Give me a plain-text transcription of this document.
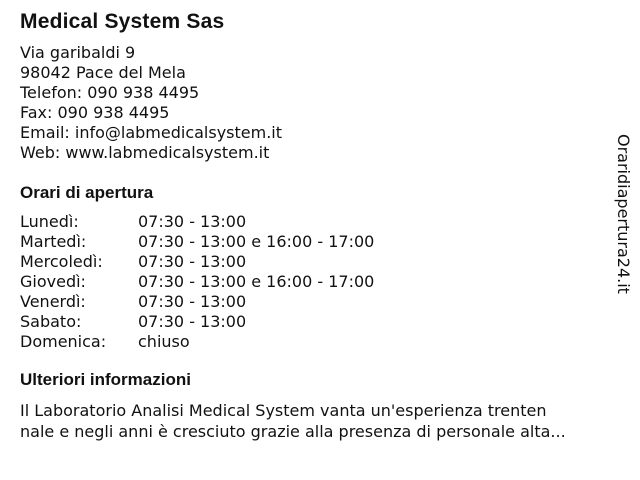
Medical System Sas
Via garibaldi 9
98042 Pace del Mela
Telefon: 090 938 4495
Fax: 090 938 4495
Email: info@labmedicalsystem.it
Web: www.labmedicalsystem.it
Orari di apertura
Lunedì:	07:30 - 13:00
Martedì:	07:30 - 13:00 e 16:00 - 17:00
Mercoledì:	07:30 - 13:00
Giovedì:	07:30 - 13:00 e 16:00 - 17:00
Venerdì:	07:30 - 13:00
Sabato:	07:30 - 13:00
Domenica:	chiuso
Ulteriori informazioni
Il Laboratorio Analisi Medical System vanta un'esperienza trenten
nale e negli anni è cresciuto grazie alla presenza di personale alta...
Oraridiapertura24.it
